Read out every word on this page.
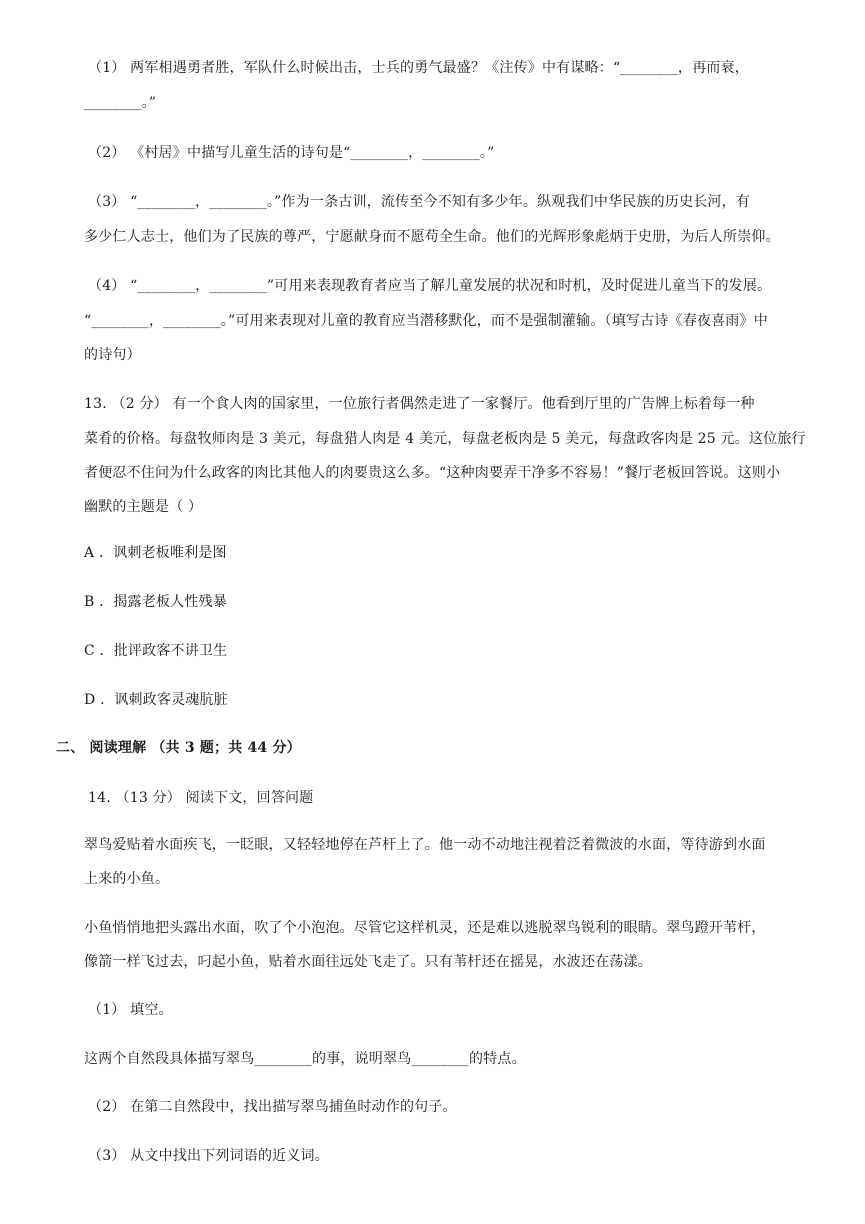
（1） 两军相遇勇者胜，军队什么时候出击，士兵的勇气最盛？《注传》中有谋略：“________，再而衰，
________。”
（2） 《村居》中描写儿童生活的诗句是“________，________。”
（3） “________，________。”作为一条古训，流传至今不知有多少年。纵观我们中华民族的历史长河，有
多少仁人志士，他们为了民族的尊严，宁愿献身而不愿苟全生命。他们的光辉形象彪炳于史册，为后人所崇仰。
（4） “________，________”可用来表现教育者应当了解儿童发展的状况和时机，及时促进儿童当下的发展。
“________，________。”可用来表现对儿童的教育应当潜移默化，而不是强制灌输。（填写古诗《春夜喜雨》中
的诗句）
13. （2 分） 有一个食人肉的国家里，一位旅行者偶然走进了一家餐厅。他看到厅里的广告牌上标着每一种
菜肴的价格。每盘牧师肉是 3 美元，每盘猎人肉是 4 美元，每盘老板肉是 5 美元，每盘政客肉是 25 元。这位旅行
者便忍不住问为什么政客的肉比其他人的肉要贵这么多。“这种肉要弄干净多不容易！”餐厅老板回答说。这则小
幽默的主题是（ ）
A ．讽刺老板唯利是图
B ．揭露老板人性残暴
C ．批评政客不讲卫生
D ．讽刺政客灵魂肮脏
二、 阅读理解 （共 3 题；共 44 分）
14. （13 分） 阅读下文，回答问题
翠鸟爱贴着水面疾飞，一眨眼，又轻轻地停在芦杆上了。他一动不动地注视着泛着微波的水面，等待游到水面
上来的小鱼。
小鱼悄悄地把头露出水面，吹了个小泡泡。尽管它这样机灵，还是难以逃脱翠鸟锐利的眼睛。翠鸟蹬开苇杆，
像箭一样飞过去，叼起小鱼，贴着水面往远处飞走了。只有苇杆还在摇晃，水波还在荡漾。
（1） 填空。
这两个自然段具体描写翠鸟________的事，说明翠鸟________的特点。
（2） 在第二自然段中，找出描写翠鸟捕鱼时动作的句子。
（3） 从文中找出下列词语的近义词。
